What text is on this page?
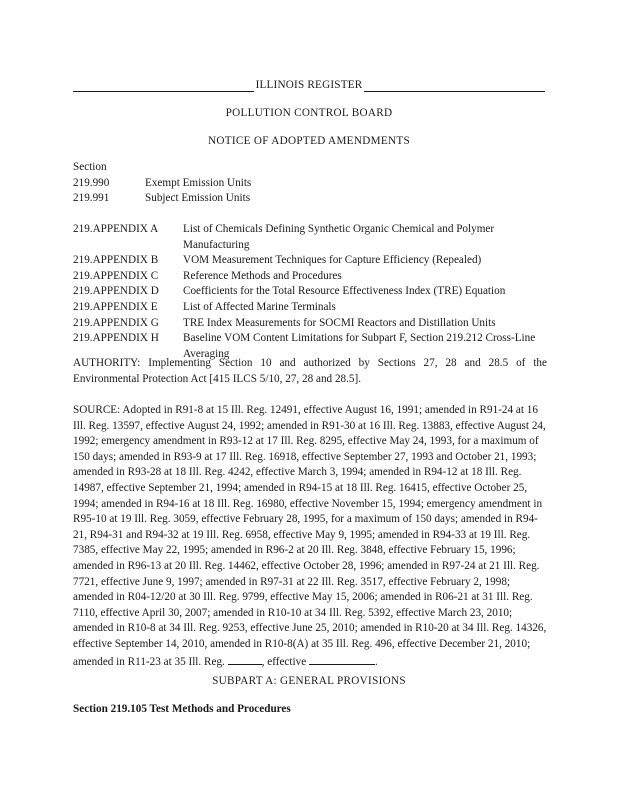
ILLINOIS REGISTER
POLLUTION CONTROL BOARD
NOTICE OF ADOPTED AMENDMENTS
Section
219.990	Exempt Emission Units
219.991	Subject Emission Units
219.APPENDIX A	List of Chemicals Defining Synthetic Organic Chemical and Polymer Manufacturing
219.APPENDIX B	VOM Measurement Techniques for Capture Efficiency (Repealed)
219.APPENDIX C	Reference Methods and Procedures
219.APPENDIX D	Coefficients for the Total Resource Effectiveness Index (TRE) Equation
219.APPENDIX E	List of Affected Marine Terminals
219.APPENDIX G	TRE Index Measurements for SOCMI Reactors and Distillation Units
219.APPENDIX H	Baseline VOM Content Limitations for Subpart F, Section 219.212 Cross-Line Averaging

AUTHORITY: Implementing Section 10 and authorized by Sections 27, 28 and 28.5 of the Environmental Protection Act [415 ILCS 5/10, 27, 28 and 28.5].

SOURCE: Adopted in R91-8 at 15 Ill. Reg. 12491, effective August 16, 1991; amended in R91-24 at 16 Ill. Reg. 13597, effective August 24, 1992; amended in R91-30 at 16 Ill. Reg. 13883, effective August 24, 1992; emergency amendment in R93-12 at 17 Ill. Reg. 8295, effective May 24, 1993, for a maximum of 150 days; amended in R93-9 at 17 Ill. Reg. 16918, effective September 27, 1993 and October 21, 1993; amended in R93-28 at 18 Ill. Reg. 4242, effective March 3, 1994; amended in R94-12 at 18 Ill. Reg. 14987, effective September 21, 1994; amended in R94-15 at 18 Ill. Reg. 16415, effective October 25, 1994; amended in R94-16 at 18 Ill. Reg. 16980, effective November 15, 1994; emergency amendment in R95-10 at 19 Ill. Reg. 3059, effective February 28, 1995, for a maximum of 150 days; amended in R94-21, R94-31 and R94-32 at 19 Ill. Reg. 6958, effective May 9, 1995; amended in R94-33 at 19 Ill. Reg. 7385, effective May 22, 1995; amended in R96-2 at 20 Ill. Reg. 3848, effective February 15, 1996; amended in R96-13 at 20 Ill. Reg. 14462, effective October 28, 1996; amended in R97-24 at 21 Ill. Reg. 7721, effective June 9, 1997; amended in R97-31 at 22 Ill. Reg. 3517, effective February 2, 1998; amended in R04-12/20 at 30 Ill. Reg. 9799, effective May 15, 2006; amended in R06-21 at 31 Ill. Reg. 7110, effective April 30, 2007; amended in R10-10 at 34 Ill. Reg. 5392, effective March 23, 2010; amended in R10-8 at 34 Ill. Reg. 9253, effective June 25, 2010; amended in R10-20 at 34 Ill. Reg. 14326, effective September 14, 2010, amended in R10-8(A) at 35 Ill. Reg. 496, effective December 21, 2010; amended in R11-23 at 35 Ill. Reg.	, effective	.

SUBPART A: GENERAL PROVISIONS
Section 219.105 Test Methods and Procedures
